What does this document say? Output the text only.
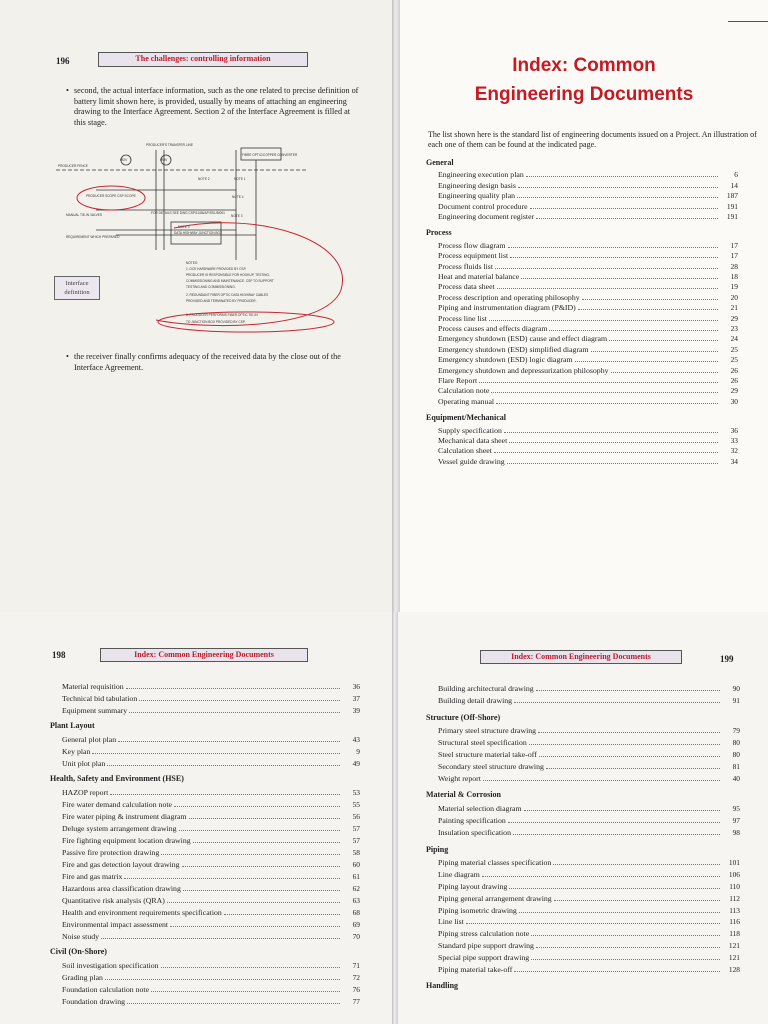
196	The challenges: controlling information
• second, the actual interface information, such as the one related to precise definition of battery limit shown here, is provided, usually by means of attaching an engineering drawing to the Interface Agreement. Section 2 of the Interface Agreement is filled at this stage.
PRODUCER'S TRANSFER LINE
FIBRE OPTIC/COPPER CONVERTER
PRODUCER FENCE
PRODUCER SCOPE CSP SCOPE
MANUAL TIE-IN VALVES	FOR DETAILS SEE DWG CSP/11/86/AP/SSL/B/001
REQUIREMENT WHICH PREPARED
DATA HIGHWAY JUNCTION BOX
MOV	MOV
NOTE 2	NOTE 1
NOTE 4
NOTE 3
NOTE 3
NOTES:
1. DCS HARDWARE PROVIDED BY CSP.
PRODUCER IS RESPONSIBLE FOR HOOKUP, TESTING,
COMMISSIONING AND MAINTENANCE. CSP TO SUPPORT
TESTING AND COMMISSIONING.
2. REDUNDANT FIBER OPTIC DATA HIGHWAY CABLES
PROVIDED AND TERMINATED BY PRODUCER.
3. PRODUCER PERFORMS FIBER OPTIC TIE-IN
TO JUNCTION BOX PROVIDED BY CSP.
Interface definition
• the receiver finally confirms adequacy of the received data by the close out of the Interface Agreement.
Index: Common
Engineering Documents
The list shown here is the standard list of engineering documents issued on a Project. An illustration of each one of them can be found at the indicated page.
General
Engineering execution plan	6
Engineering design basis	14
Engineering quality plan	187
Document control procedure	191
Engineering document register	191
Process
Process flow diagram	17
Process equipment list	17
Process fluids list	28
Heat and material balance	18
Process data sheet	19
Process description and operating philosophy	20
Piping and instrumentation diagram (P&ID)	21
Process line list	29
Process causes and effects diagram	23
Emergency shutdown (ESD) cause and effect diagram	24
Emergency shutdown (ESD) simplified diagram	25
Emergency shutdown (ESD) logic diagram	25
Emergency shutdown and depressurization philosophy	26
Flare Report	26
Calculation note	29
Operating manual	30
Equipment/Mechanical
Supply specification	36
Mechanical data sheet	33
Calculation sheet	32
Vessel guide drawing	34
198	Index: Common Engineering Documents
Material requisition	36
Technical bid tabulation	37
Equipment summary	39
Plant Layout
General plot plan	43
Key plan	9
Unit plot plan	49
Health, Safety and Environment (HSE)
HAZOP report	53
Fire water demand calculation note	55
Fire water piping & instrument diagram	56
Deluge system arrangement drawing	57
Fire fighting equipment location drawing	57
Passive fire protection drawing	58
Fire and gas detection layout drawing	60
Fire and gas matrix	61
Hazardous area classification drawing	62
Quantitative risk analysis (QRA)	63
Health and environment requirements specification	68
Environmental impact assessment	69
Noise study	70
Civil (On-Shore)
Soil investigation specification	71
Grading plan	72
Foundation calculation note	76
Foundation drawing	77
Index: Common Engineering Documents	199
Building architectural drawing	90
Building detail drawing	91
Structure (Off-Shore)
Primary steel structure drawing	79
Structural steel specification	80
Steel structure material take-off	80
Secondary steel structure drawing	81
Weight report	40
Material & Corrosion
Material selection diagram	95
Painting specification	97
Insulation specification	98
Piping
Piping material classes specification	101
Line diagram	106
Piping layout drawing	110
Piping general arrangement drawing	112
Piping isometric drawing	113
Line list	116
Piping stress calculation note	118
Standard pipe support drawing	121
Special pipe support drawing	121
Piping material take-off	128
Handling
